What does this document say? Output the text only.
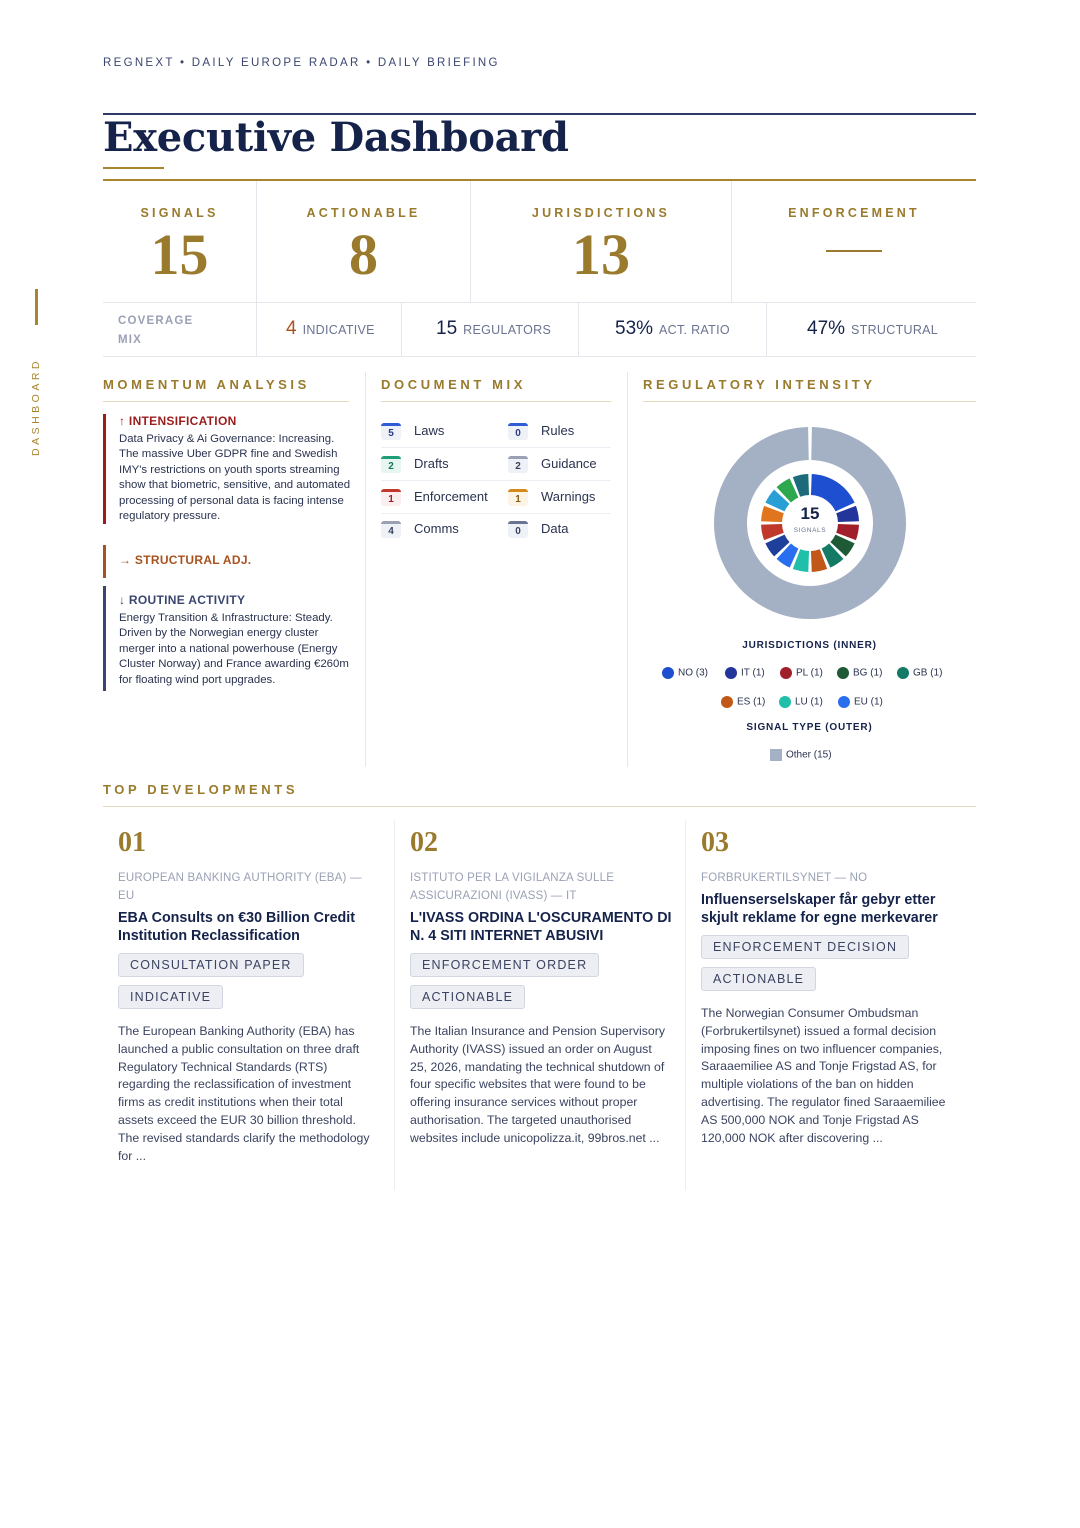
REGNEXT • DAILY EUROPE RADAR • DAILY BRIEFING
DASHBOARD
Executive Dashboard
SIGNALS
15
ACTIONABLE
8
JURISDICTIONS
13
ENFORCEMENT
COVERAGE MIX
4 INDICATIVE	15 REGULATORS	53% ACT. RATIO	47% STRUCTURAL
MOMENTUM ANALYSIS
↑ INTENSIFICATION
Data Privacy & Ai Governance: Increasing. The massive Uber GDPR fine and Swedish IMY's restrictions on youth sports streaming show that biometric, sensitive, and automated processing of personal data is facing intense regulatory pressure.
→ STRUCTURAL ADJ.
↓ ROUTINE ACTIVITY
Energy Transition & Infrastructure: Steady. Driven by the Norwegian energy cluster merger into a national powerhouse (Energy Cluster Norway) and France awarding €260m for floating wind port upgrades.
DOCUMENT MIX
5	Laws	0	Rules
2	Drafts	2	Guidance
1	Enforcement	1	Warnings
4	Comms	0	Data
REGULATORY INTENSITY
15
SIGNALS
JURISDICTIONS (INNER)
NO (3)	IT (1)	PL (1)	BG (1)	GB (1)
ES (1)	LU (1)	EU (1)
SIGNAL TYPE (OUTER)
Other (15)
TOP DEVELOPMENTS
01
EUROPEAN BANKING AUTHORITY (EBA) — EU
EBA Consults on €30 Billion Credit Institution Reclassification
CONSULTATION PAPER
INDICATIVE
The European Banking Authority (EBA) has launched a public consultation on three draft Regulatory Technical Standards (RTS) regarding the reclassification of investment firms as credit institutions when their total assets exceed the EUR 30 billion threshold. The revised standards clarify the methodology for ...
02
ISTITUTO PER LA VIGILANZA SULLE ASSICURAZIONI (IVASS) — IT
L'IVASS ORDINA L'OSCURAMENTO DI N. 4 SITI INTERNET ABUSIVI
ENFORCEMENT ORDER
ACTIONABLE
The Italian Insurance and Pension Supervisory Authority (IVASS) issued an order on August 25, 2026, mandating the technical shutdown of four specific websites that were found to be offering insurance services without proper authorisation. The targeted unauthorised websites include unicopolizza.it, 99bros.net ...
03
FORBRUKERTILSYNET — NO
Influenserselskaper får gebyr etter skjult reklame for egne merkevarer
ENFORCEMENT DECISION
ACTIONABLE
The Norwegian Consumer Ombudsman (Forbrukertilsynet) issued a formal decision imposing fines on two influencer companies, Saraaemiliee AS and Tonje Frigstad AS, for multiple violations of the ban on hidden advertising. The regulator fined Saraaemiliee AS 500,000 NOK and Tonje Frigstad AS 120,000 NOK after discovering ...
